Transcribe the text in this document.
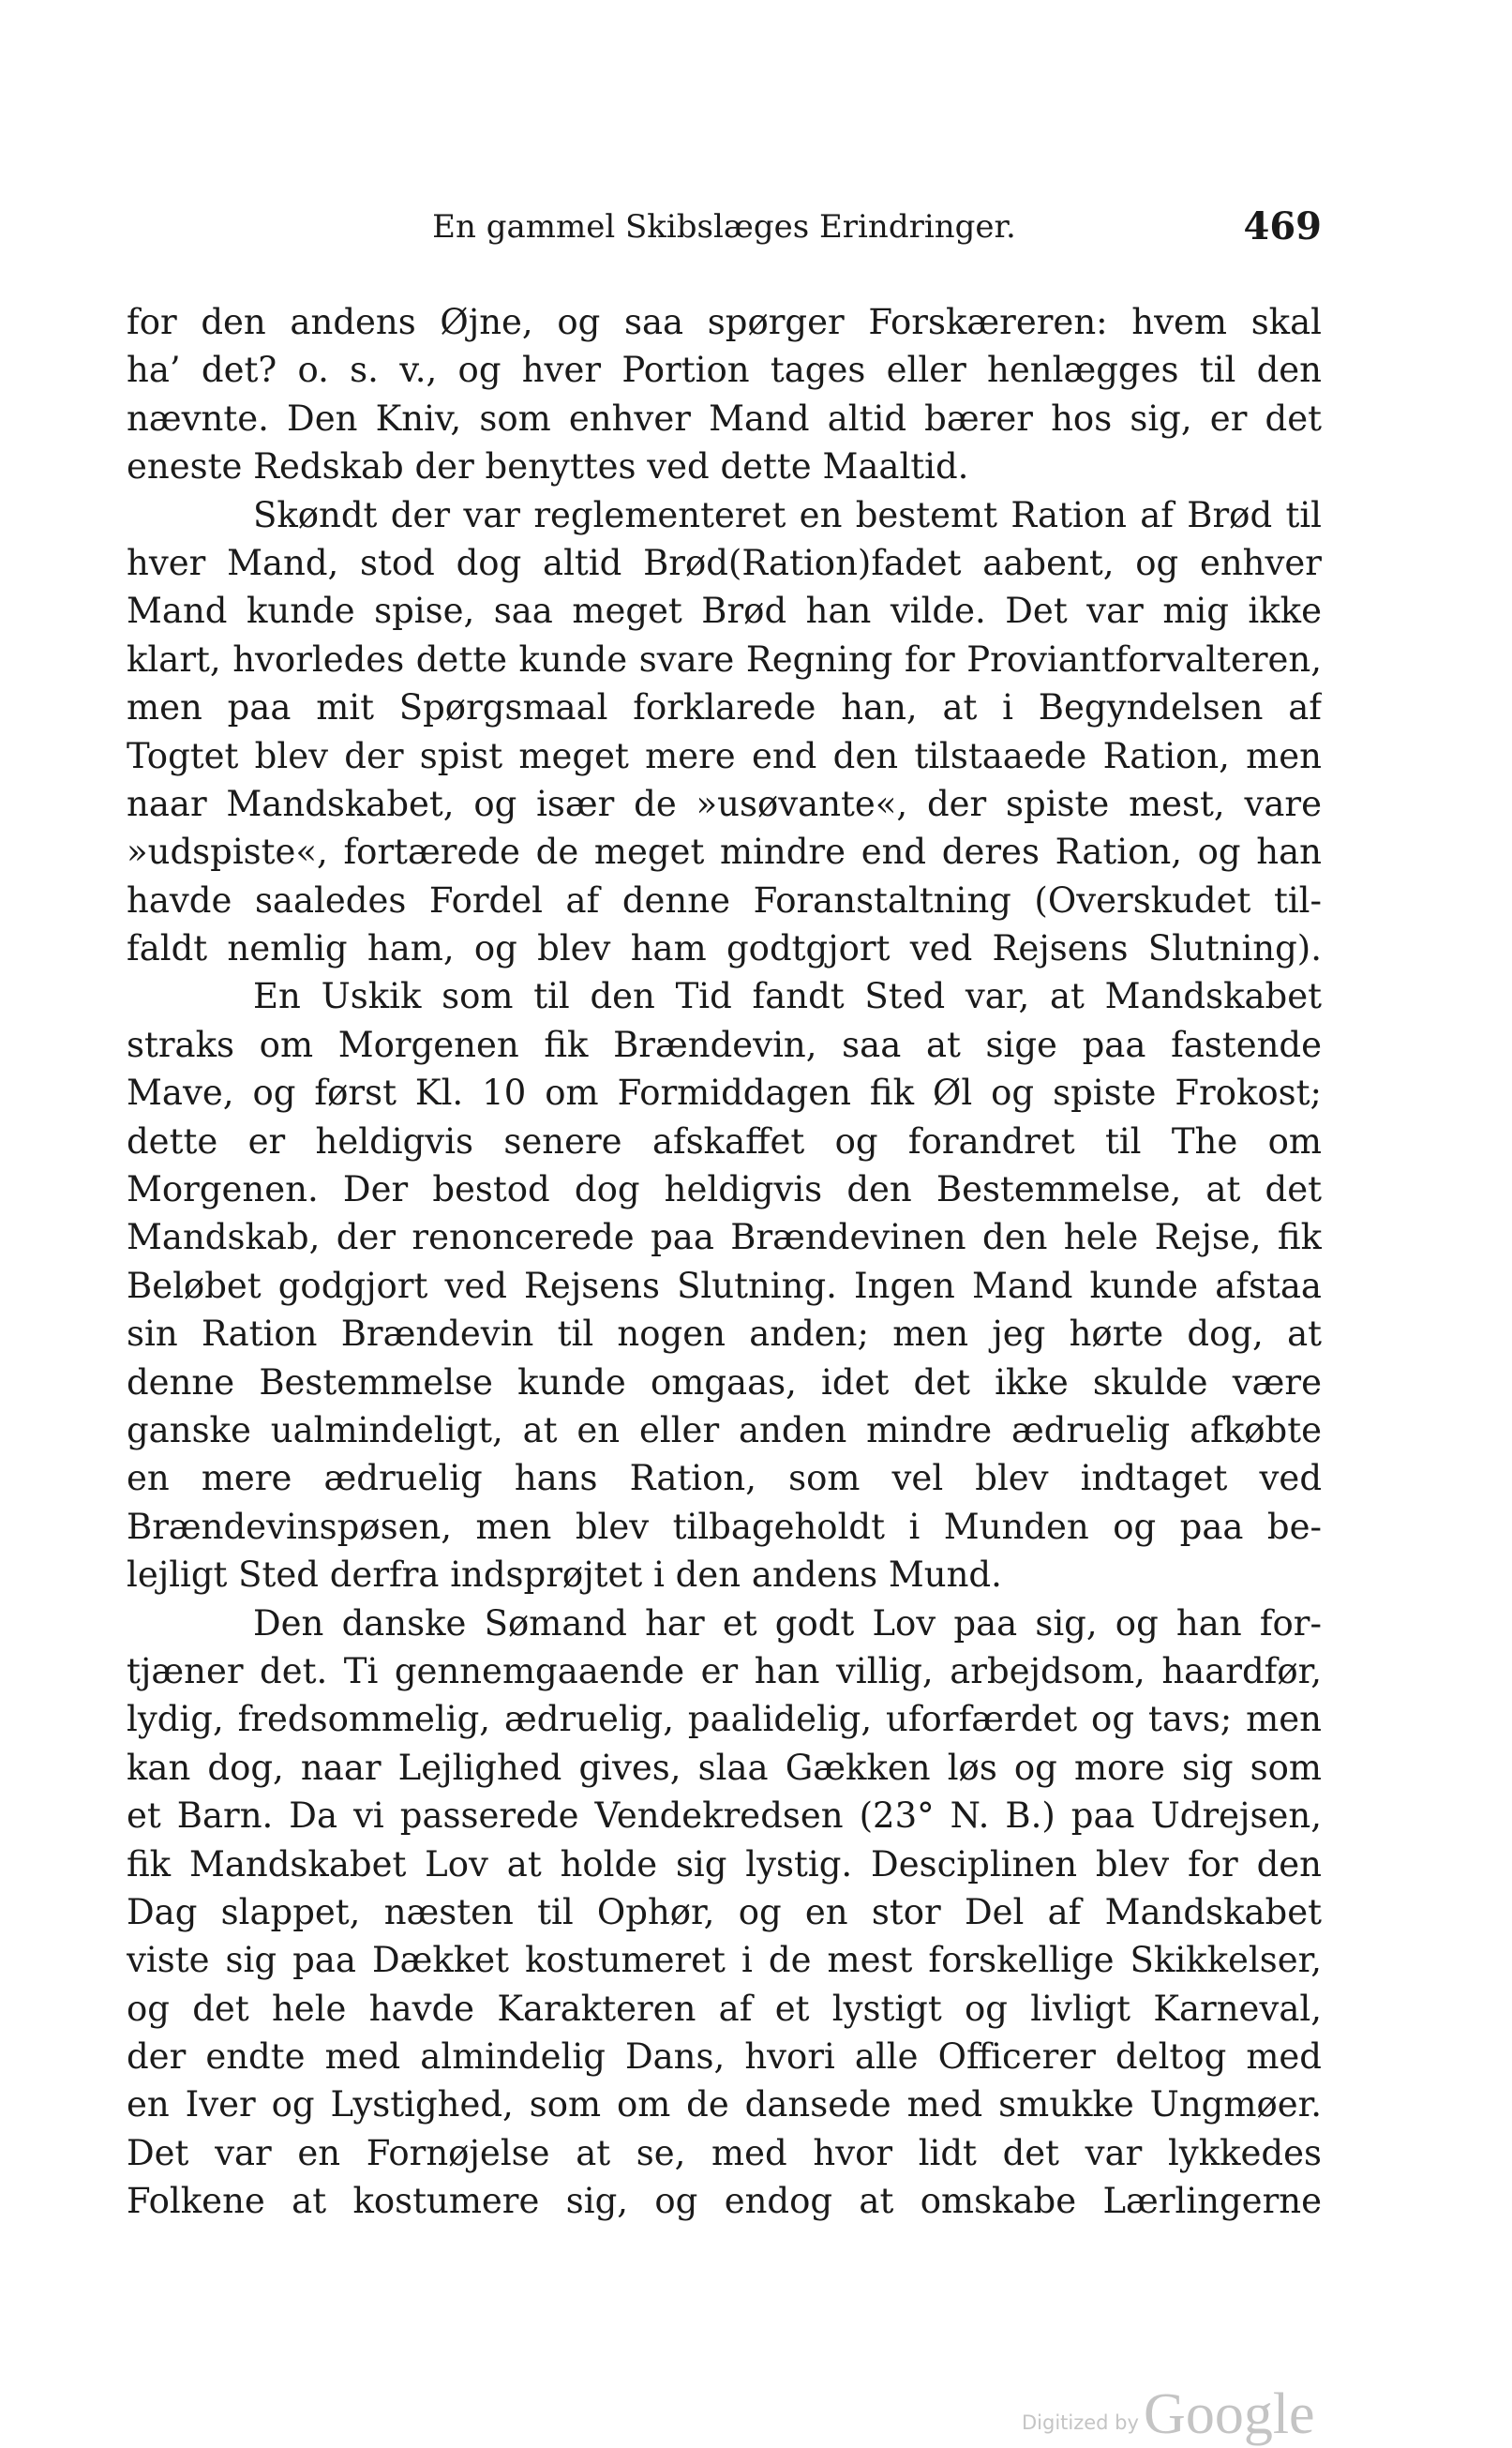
En gammel Skibslæges Erindringer.	469
for den andens Øjne, og saa spørger Forskæreren: hvem skal
ha’ det? o. s. v., og hver Portion tages eller henlægges til den
nævnte. Den Kniv, som enhver Mand altid bærer hos sig, er det
eneste Redskab der benyttes ved dette Maaltid.
Skøndt der var reglementeret en bestemt Ration af Brød til
hver Mand, stod dog altid Brød(Ration)fadet aabent, og enhver
Mand kunde spise, saa meget Brød han vilde. Det var mig ikke
klart, hvorledes dette kunde svare Regning for Proviantforvalteren,
men paa mit Spørgsmaal forklarede han, at i Begyndelsen af
Togtet blev der spist meget mere end den tilstaaede Ration, men
naar Mandskabet, og især de »usøvante«, der spiste mest, vare
»udspiste«, fortærede de meget mindre end deres Ration, og han
havde saaledes Fordel af denne Foranstaltning (Overskudet til-
faldt nemlig ham, og blev ham godtgjort ved Rejsens Slutning).
En Uskik som til den Tid fandt Sted var, at Mandskabet
straks om Morgenen fik Brændevin, saa at sige paa fastende
Mave, og først Kl. 10 om Formiddagen fik Øl og spiste Frokost;
dette er heldigvis senere afskaffet og forandret til The om
Morgenen. Der bestod dog heldigvis den Bestemmelse, at det
Mandskab, der renoncerede paa Brændevinen den hele Rejse, fik
Beløbet godgjort ved Rejsens Slutning. Ingen Mand kunde afstaa
sin Ration Brændevin til nogen anden; men jeg hørte dog, at
denne Bestemmelse kunde omgaas, idet det ikke skulde være
ganske ualmindeligt, at en eller anden mindre ædruelig afkøbte
en mere ædruelig hans Ration, som vel blev indtaget ved
Brændevinspøsen, men blev tilbageholdt i Munden og paa be-
lejligt Sted derfra indsprøjtet i den andens Mund.
Den danske Sømand har et godt Lov paa sig, og han for-
tjæner det. Ti gennemgaaende er han villig, arbejdsom, haardfør,
lydig, fredsommelig, ædruelig, paalidelig, uforfærdet og tavs; men
kan dog, naar Lejlighed gives, slaa Gækken løs og more sig som
et Barn. Da vi passerede Vendekredsen (23° N. B.) paa Udrejsen,
fik Mandskabet Lov at holde sig lystig. Desciplinen blev for den
Dag slappet, næsten til Ophør, og en stor Del af Mandskabet
viste sig paa Dækket kostumeret i de mest forskellige Skikkelser,
og det hele havde Karakteren af et lystigt og livligt Karneval,
der endte med almindelig Dans, hvori alle Officerer deltog med
en Iver og Lystighed, som om de dansede med smukke Ungmøer.
Det var en Fornøjelse at se, med hvor lidt det var lykkedes
Folkene at kostumere sig, og endog at omskabe Lærlingerne
Digitized by Google
